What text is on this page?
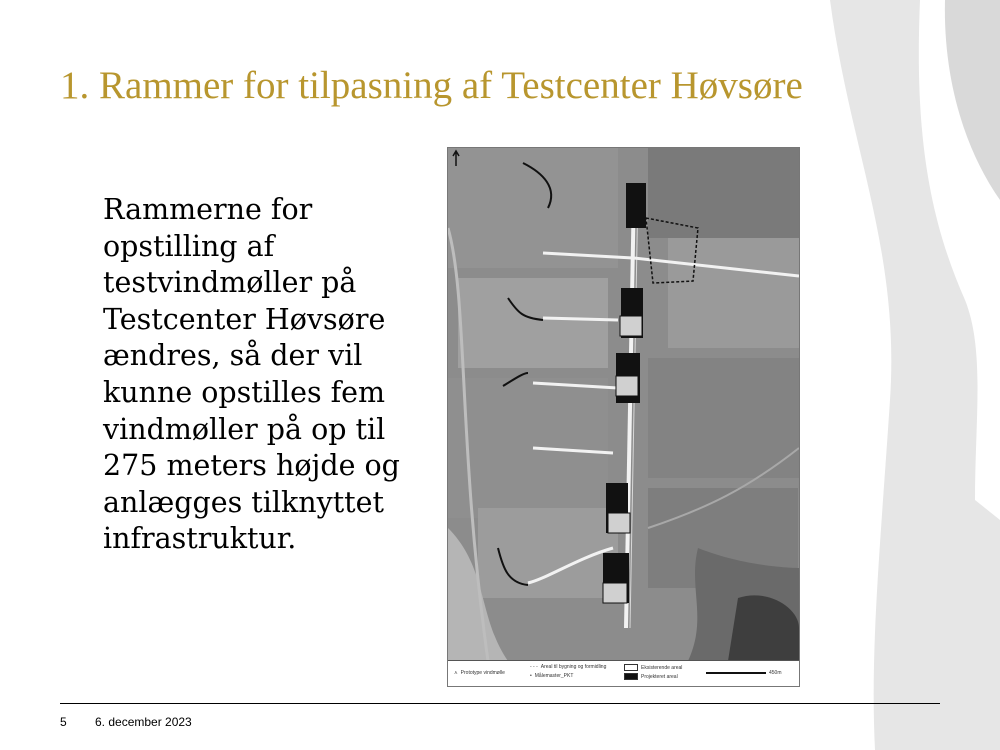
1. Rammer for tilpasning af Testcenter Høvsøre

Rammerne for
opstilling af
testvindmøller på
Testcenter Høvsøre
ændres, så der vil
kunne opstilles fem
vindmøller på op til
275 meters højde og
anlægges tilknyttet
infrastruktur.

⋏ Prototype vindmølle
- - - Areal til bygning og formidling
• Målemaster_PKT
Eksisterende areal
Projekteret areal
450m
5 6. december 2023
